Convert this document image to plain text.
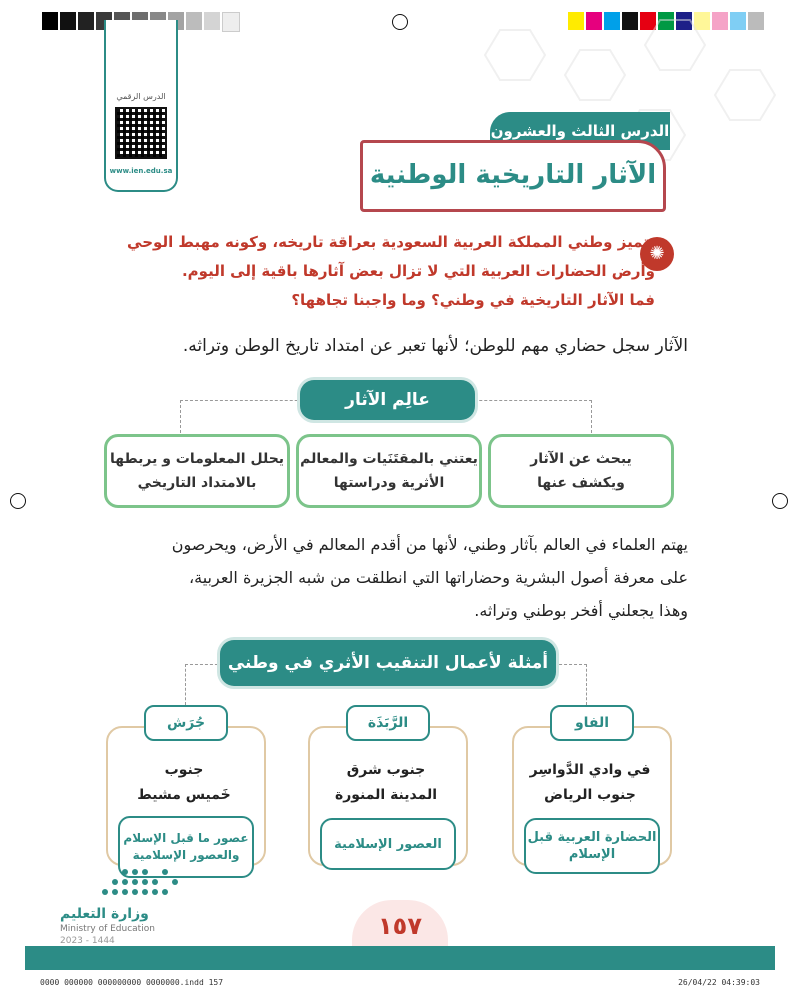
الدرس الرقمي
www.ien.edu.sa
الدرس الثالث والعشرون
الآثار التاريخية الوطنية
✺
يتميز وطني المملكة العربية السعودية بعراقة تاريخه، وكونه مهبط الوحي
وأرض الحضارات العربية التي لا تزال بعض آثارها باقية إلى اليوم.
فما الآثار التاريخية في وطني؟ وما واجبنا تجاهها؟
الآثار سجل حضاري مهم للوطن؛ لأنها تعبر عن امتداد تاريخ الوطن وتراثه.
عالِم الآثار
يبحث عن الآثار
ويكشف عنها
يعتني بالمقتَنَيات والمعالم
الأثرية ودراستها
يحلل المعلومات و يربطها
بالامتداد التاريخي
يهتم العلماء في العالم بآثار وطني، لأنها من أقدم المعالم في الأرض، ويحرصون
على معرفة أصول البشرية وحضاراتها التي انطلقت من شبه الجزيرة العربية،
وهذا يجعلني أفخر بوطني وتراثه.
أمثلة لأعمال التنقيب الأثري في وطني
الفاو
في وادي الدَّواسِر
جنوب الرياض
الحضارة العربية قبل الإسلام
الرَّبَذَة
جنوب شرق
المدينة المنورة
العصور الإسلامية
جُرَش
جنوب
خَميس مشيط
عصور ما قبل الإسلام والعصور الإسلامية
وزارة التعليم
Ministry of Education
2023 - 1444
١٥٧
0000 000000 000000000 0000000.indd 157	26/04/22 04:39:03
